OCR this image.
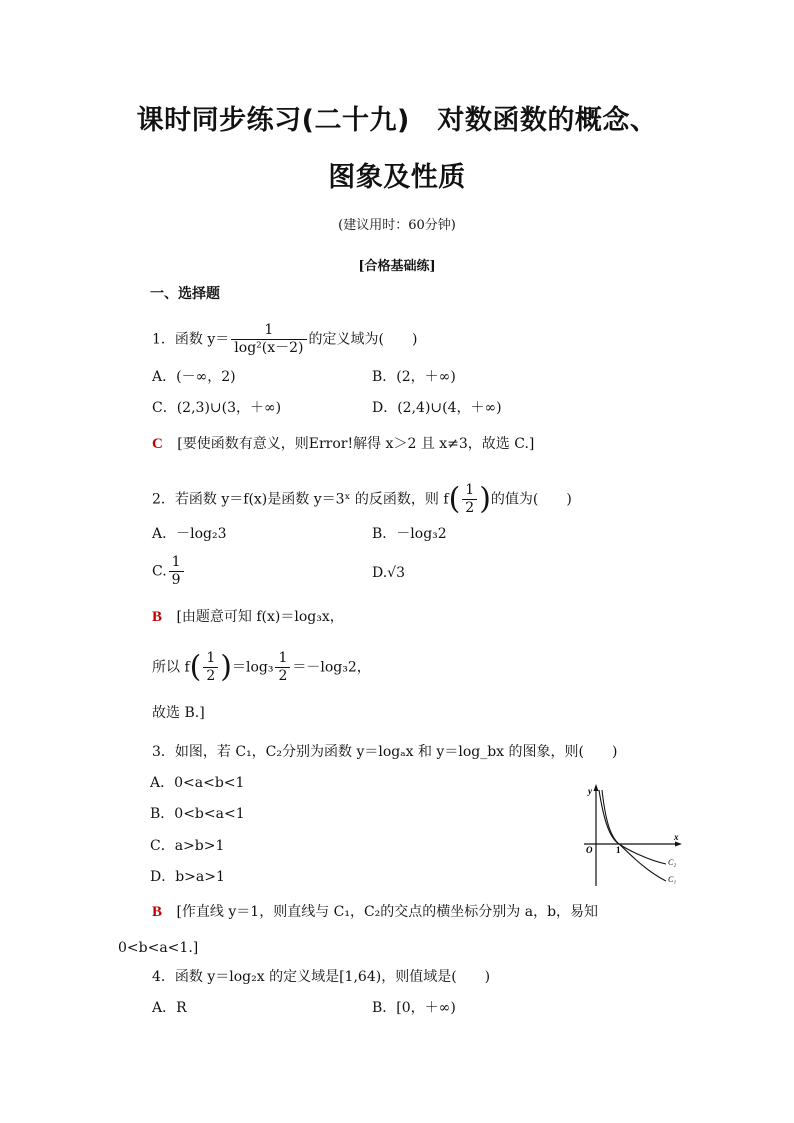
课时同步练习(二十九)　对数函数的概念、
图象及性质
(建议用时：60分钟)
[合格基础练]
一、选择题
1．函数 $y= \frac{1}{\text{log²(x－2)}}$ 的定义域为(　　)
A．(－∞，2)	B．(2，＋∞)
C．(2,3)∪(3，＋∞)	D．(2,4)∪(4，＋∞)
C [要使函数有意义，则Error!解得 x＞2 且 x≠3，故选 C.]
2．若函数 y＝f(x)是函数 y＝3ˣ 的反函数，则 $f( \frac{1}{2}$ )的值为(　　)
A．－log₂3	B．－log₃2
C. $\frac{1}{9}$	D.√3
B [由题意可知 f(x)＝log₃x，
所以 $f( \frac{1}{2} )=\log_3 \frac{1}{2} =-\log_32$，
故选 B.]
3．如图，若 C₁，C₂分别为函数 y＝logₐx 和 y＝log_bx 的图象，则(　　)
A．0<a<b<1
B．0<b<a<1
C．a>b>1
D．b>a>1
y
x
O	1
C₂
C₁
B [作直线 y＝1，则直线与 C₁，C₂的交点的横坐标分别为 a，b，易知
0<b<a<1.]
4．函数 y＝log₂x 的定义域是[1,64)，则值域是(　　)
A．R	B．[0，＋∞)
